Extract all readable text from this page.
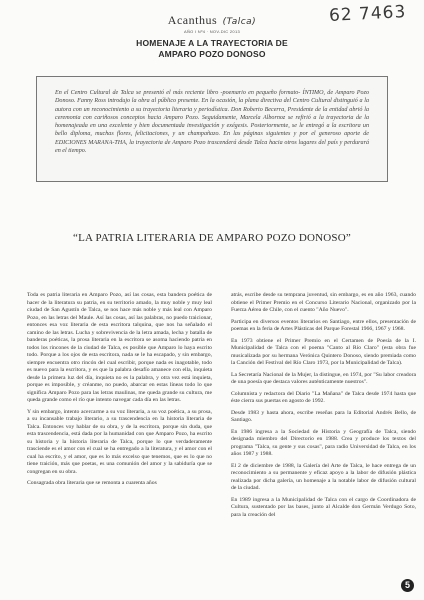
Acanthus (Talca)
AÑO I Nº4 · NOV-DIC 2013
62 7463
HOMENAJE A LA TRAYECTORIA DE
AMPARO POZO DONOSO

En el Centro Cultural de Talca se presentó el más reciente libro -poemario en pequeño formato- ÍNTIMO, de Amparo Pozo Donoso. Fanny Ross introdujo la obra al público presente. En la ocasión, la plana directiva del Centro Cultural distinguió a la autora con un reconocimiento a su trayectoria literaria y periodística. Don Roberto Becerra, Presidente de la entidad abrió la ceremonia con cariñosos conceptos hacia Amparo Pozo. Seguidamente, Marcela Albornoz se refirió a la trayectoria de la homenajeada en una excelente y bien documentada investigación y exégesis. Posteriormente, se le entregó a la escritora un bello diploma, muchas flores, felicitaciones, y un champañazo. En las páginas siguientes y por el generoso aporte de EDICIONES MARANA-THA, la trayectoria de Amparo Pozo trascenderá desde Talca hacia otros lugares del país y perdurará en el tiempo.

“LA PATRIA LITERARIA DE AMPARO POZO DONOSO”

Toda es patria literaria en Amparo Pozo, así las cosas, esta bandera poética de hacer de la literatura su patria, en su territorio amado, la muy noble y muy leal ciudad de San Agustín de Talca, se nos hace más noble y más leal con Amparo Pozo, en las letras del Maule. Así las cosas, así las palabras, no puedo traicionar, entonces esa voz literaria de esta escritora talquina, que nos ha señalado el camino de las letras. Lucha y sobrevivencia de la letra amada, lecha y batalla de banderas poéticas, la prosa literaria en la escritora se asoma haciendo patria en todos los rincones de la ciudad de Talca, es posible que Amparo lo haya escrito todo. Porque a los ojos de esta escritora, nada se le ha escapado, y sin embargo, siempre encuentra otro rincón del cual escribir, porque nada es inagotable, todo es nuevo para la escritora, y es que la palabra desafío amanece con ella, inquieta desde la primera luz del día, inquieta no es la palabra, y otra vez está inquieta, porque es imposible, y créanme, no puedo, abarcar en estas líneas todo lo que significa Amparo Pozo para las letras maulinas, me queda grande su cultura, me queda grande como el río que intento navegar cada día en las letras.

Y sin embargo, intento acercarme a su voz literaria, a su voz poética, a su prosa, a su incansable trabajo literario, a su trascendencia en la historia literaria de Talca. Entonces voy hablar de su obra, y de la escritora, porque sin duda, que esta trascendencia, está dada por la humanidad con que Amparo Pozo, ha escrito su historia y la historia literaria de Talca, porque lo que verdaderamente trasciende es el amor con el cual se ha entregado a la literatura, y el amor con el cual ha escrito, y el amor, que es lo más excelso que tenemos, que es lo que no tiene traición, más que poetas, es una comunión del amor y la sabiduría que se congregan en su obra.

Consagrada obra literaria que se remonta a cuarenta años

atrás, escribe desde su temprana juventud, sin embargo, es en año 1963, cuando obtiene el Primer Premio en el Concurso Literario Nacional, organizado por la Fuerza Aérea de Chile, con el cuento "Año Nuevo".

Participa en diversos eventos literarios en Santiago, entre ellos, presentación de poemas en la feria de Artes Plásticas del Parque Forestal 1966, 1967 y 1968.

En 1973 obtiene el Primer Premio en el Certamen de Poesía de la I. Municipalidad de Talca con el poema "Canto al Río Claro" (esta obra fue musicalizada por su hermana Verónica Quintero Donoso, siendo premiada como la Canción del Festival del Río Claro 1973, por la Municipalidad de Talca).

La Secretaría Nacional de la Mujer, la distingue, en 1974, por "Su labor creadora de una poesía que destaca valores auténticamente nuestros".

Columnista y redactora del Diario "La Mañana" de Talca desde 1974 hasta que éste cierra sus puertas en agosto de 1992.

Desde 1983 y hasta ahora, escribe reseñas para la Editorial Andrés Bello, de Santiago.

En 1986 ingresa a la Sociedad de Historia y Geografía de Talca, siendo designada miembro del Directorio en 1988. Crea y produce los textos del programa "Talca, su gente y sus cosas", para radio Universidad de Talca, en los años 1987 y 1988.

El 2 de diciembre de 1988, la Galería del Arte de Talca, le hace entrega de un reconocimiento a su permanente y eficaz apoyo a la labor de difusión plástica realizada por dicha galería, un homenaje a la notable labor de difusión cultural de la ciudad.

En 1989 ingresa a la Municipalidad de Talca con el cargo de Coordinadora de Cultura, sustentado por las bases, junto al Alcalde don Germán Verdugo Soto, para la creación del

5
